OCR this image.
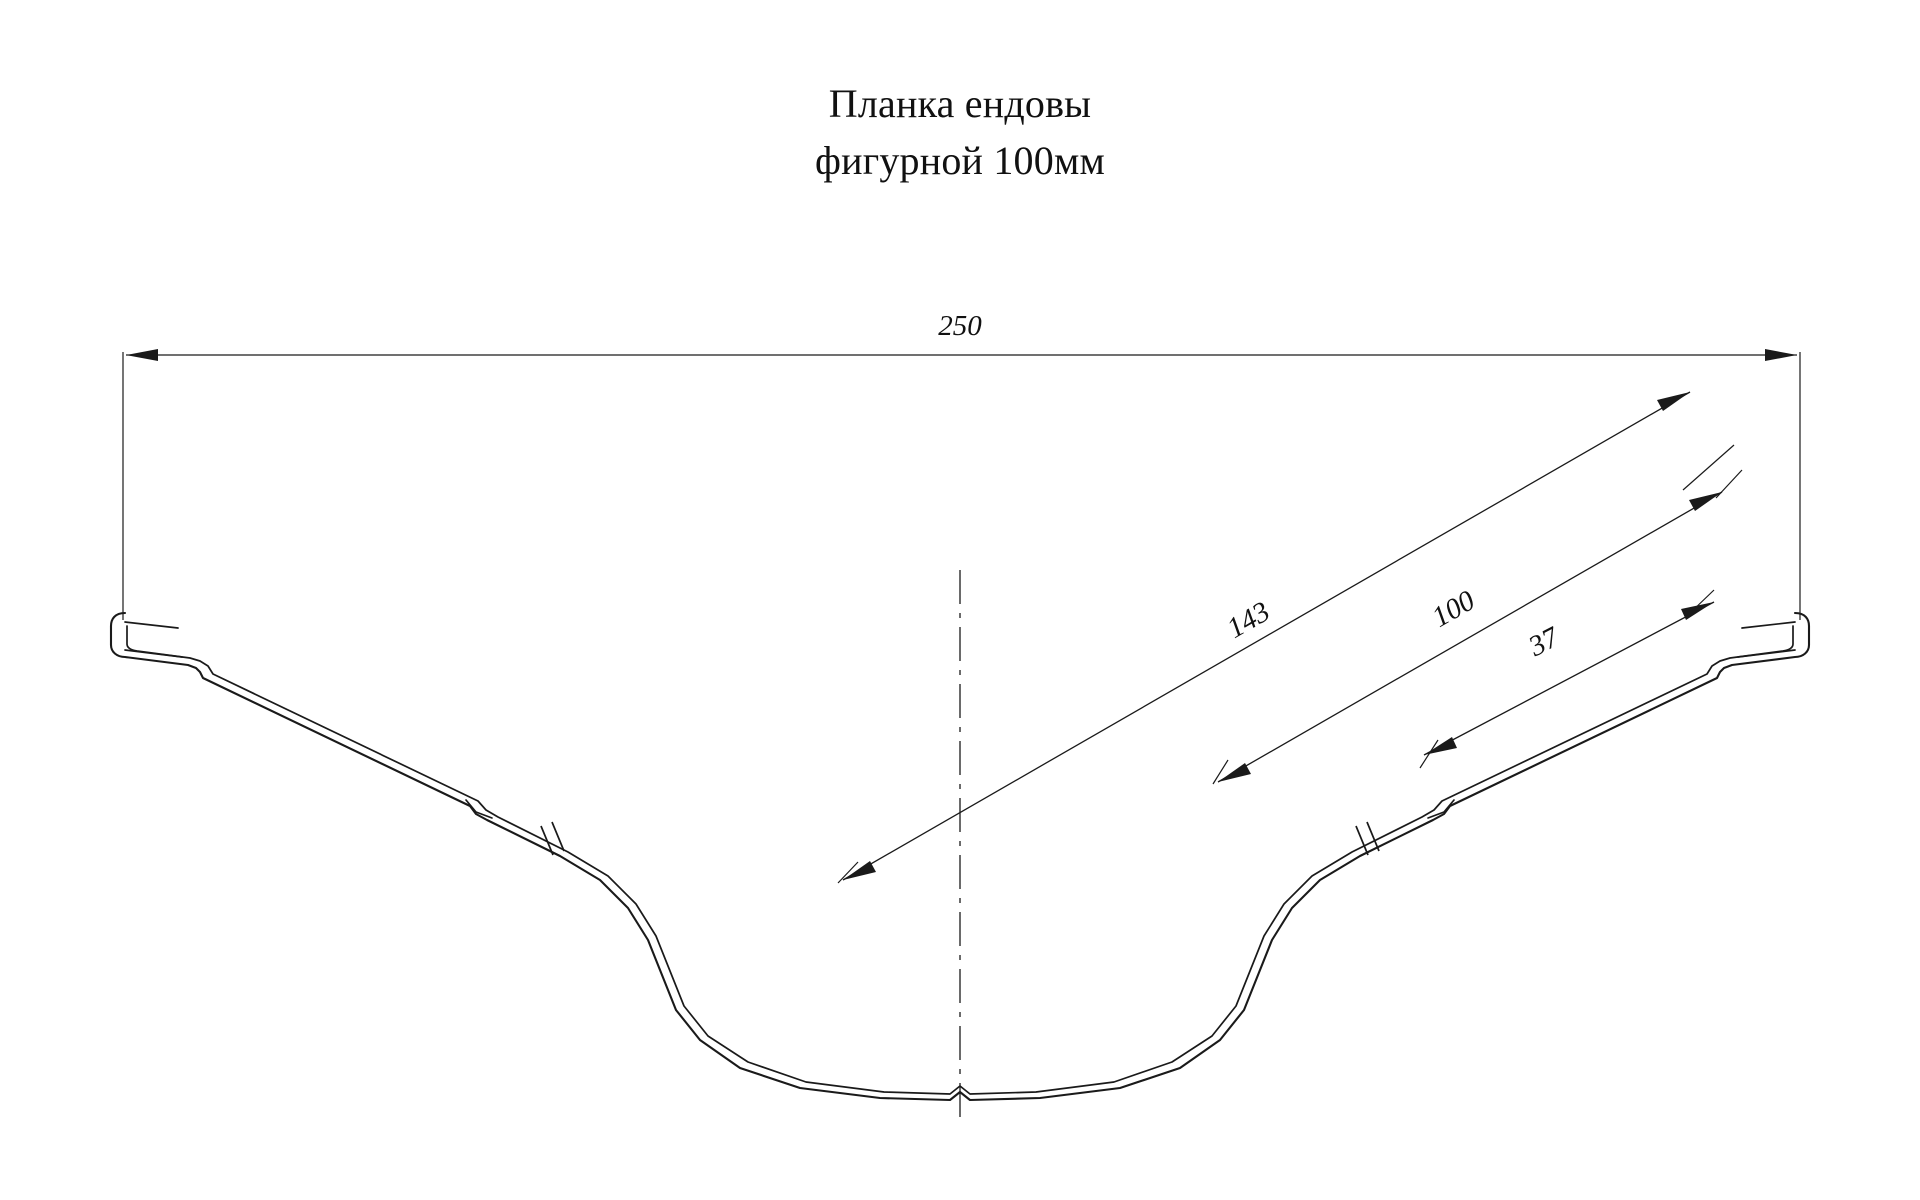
Планка ендовы
фигурной 100мм
250
143	100
37
